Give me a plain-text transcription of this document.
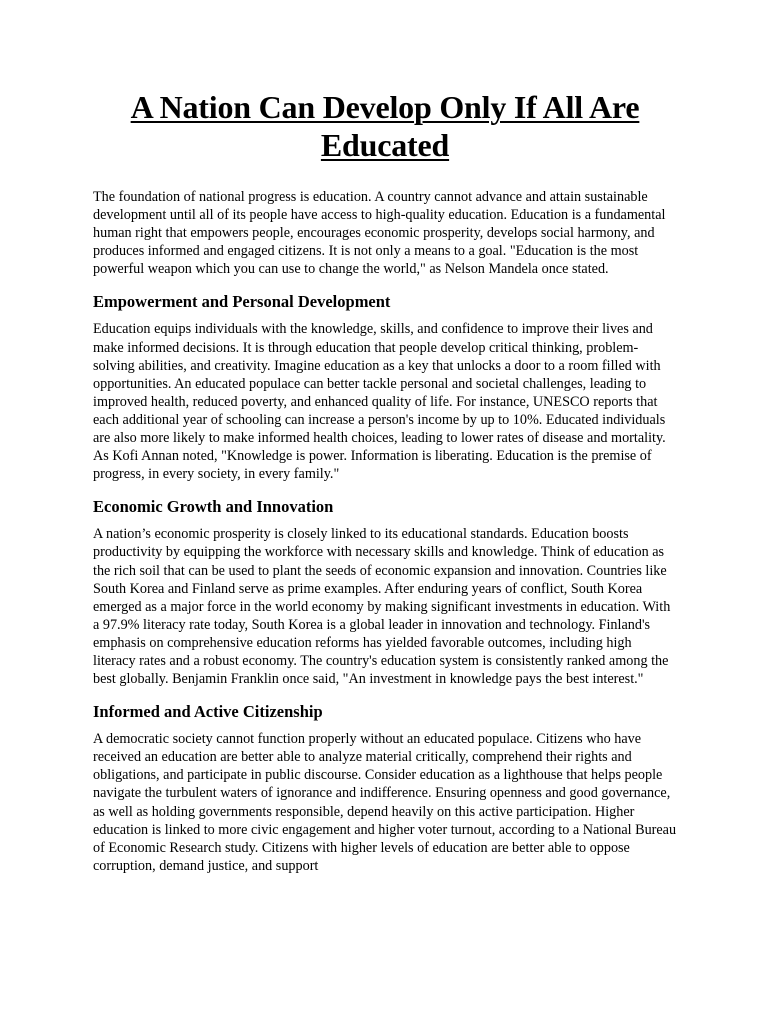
A Nation Can Develop Only If All Are Educated

The foundation of national progress is education. A country cannot advance and attain sustainable development until all of its people have access to high-quality education. Education is a fundamental human right that empowers people, encourages economic prosperity, develops social harmony, and produces informed and engaged citizens. It is not only a means to a goal. "Education is the most powerful weapon which you can use to change the world," as Nelson Mandela once stated.

Empowerment and Personal Development

Education equips individuals with the knowledge, skills, and confidence to improve their lives and make informed decisions. It is through education that people develop critical thinking, problem-solving abilities, and creativity. Imagine education as a key that unlocks a door to a room filled with opportunities. An educated populace can better tackle personal and societal challenges, leading to improved health, reduced poverty, and enhanced quality of life. For instance, UNESCO reports that each additional year of schooling can increase a person's income by up to 10%. Educated individuals are also more likely to make informed health choices, leading to lower rates of disease and mortality. As Kofi Annan noted, "Knowledge is power. Information is liberating. Education is the premise of progress, in every society, in every family."

Economic Growth and Innovation

A nation’s economic prosperity is closely linked to its educational standards. Education boosts productivity by equipping the workforce with necessary skills and knowledge. Think of education as the rich soil that can be used to plant the seeds of economic expansion and innovation. Countries like South Korea and Finland serve as prime examples. After enduring years of conflict, South Korea emerged as a major force in the world economy by making significant investments in education. With a 97.9% literacy rate today, South Korea is a global leader in innovation and technology. Finland's emphasis on comprehensive education reforms has yielded favorable outcomes, including high literacy rates and a robust economy. The country's education system is consistently ranked among the best globally. Benjamin Franklin once said, "An investment in knowledge pays the best interest."

Informed and Active Citizenship

A democratic society cannot function properly without an educated populace. Citizens who have received an education are better able to analyze material critically, comprehend their rights and obligations, and participate in public discourse. Consider education as a lighthouse that helps people navigate the turbulent waters of ignorance and indifference. Ensuring openness and good governance, as well as holding governments responsible, depend heavily on this active participation. Higher education is linked to more civic engagement and higher voter turnout, according to a National Bureau of Economic Research study. Citizens with higher levels of education are better able to oppose corruption, demand justice, and support
